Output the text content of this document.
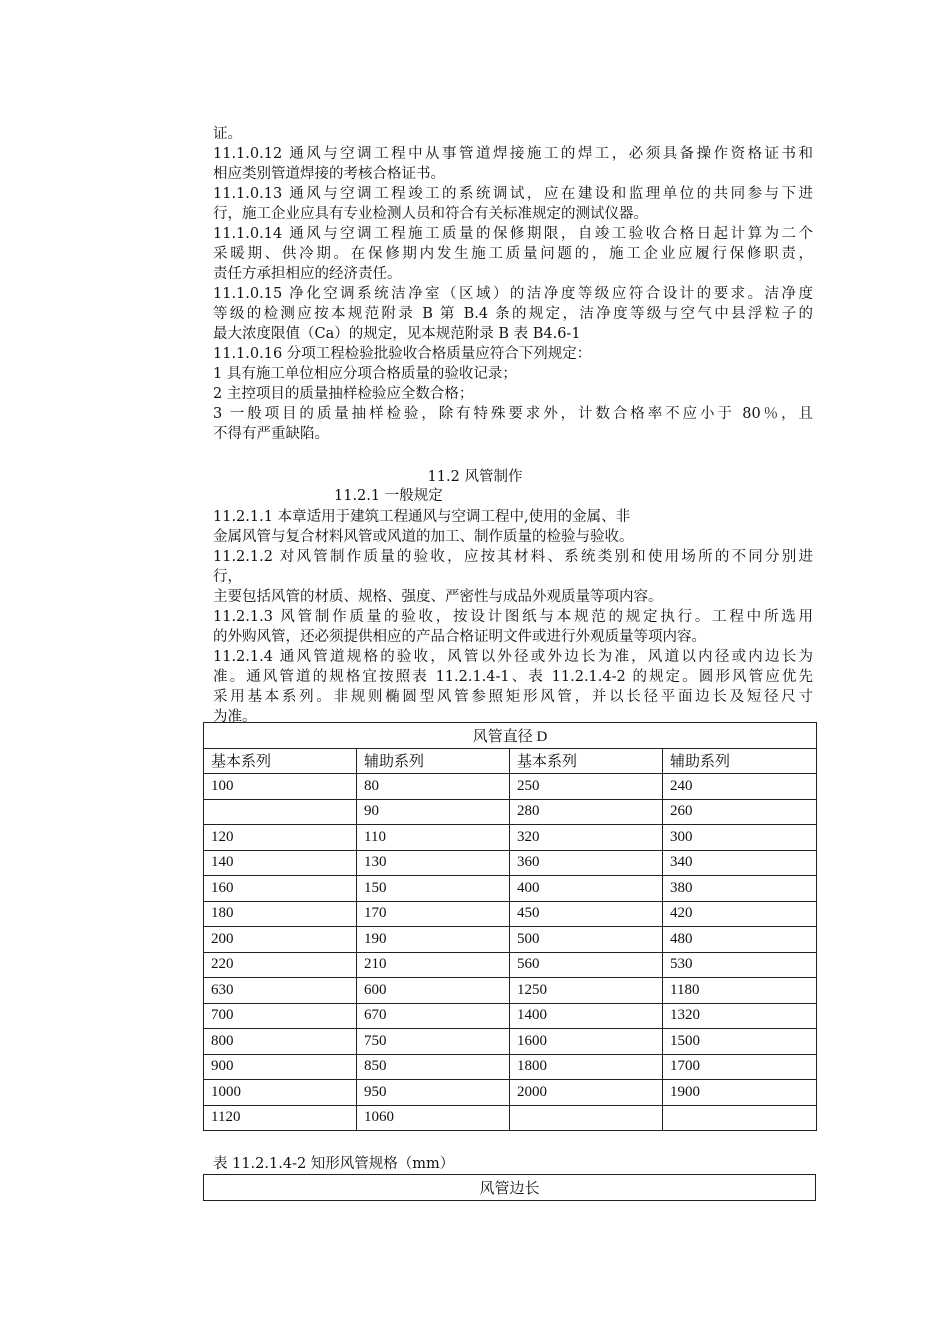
证。
11.1.0.12 通风与空调工程中从事管道焊接施工的焊工，必须具备操作资格证书和
相应类别管道焊接的考核合格证书。
11.1.0.13 通风与空调工程竣工的系统调试，应在建设和监理单位的共同参与下进
行，施工企业应具有专业检测人员和符合有关标准规定的测试仪器。
11.1.0.14 通风与空调工程施工质量的保修期限，自竣工验收合格日起计算为二个
采暖期、供冷期。在保修期内发生施工质量问题的，施工企业应履行保修职责，
责任方承担相应的经济责任。
11.1.0.15 净化空调系统洁净室（区域）的洁净度等级应符合设计的要求。洁净度
等级的检测应按本规范附录 B 第 B.4 条的规定，洁净度等级与空气中县浮粒子的
最大浓度限值（Ca）的规定，见本规范附录 B 表 B4.6-1
11.1.0.16 分项工程检验批验收合格质量应符合下列规定：
1 具有施工单位相应分项合格质量的验收记录；
2 主控项目的质量抽样检验应全数合格；
3 一般项目的质量抽样检验，除有特殊要求外，计数合格率不应小于 80％，且
不得有严重缺陷。
11.2 风管制作
11.2.1 一般规定
11.2.1.1 本章适用于建筑工程通风与空调工程中,使用的金属、非
金属风管与复合材料风管或风道的加工、制作质量的检验与验收。
11.2.1.2 对风管制作质量的验收，应按其材料、系统类别和使用场所的不同分别进
行，
主要包括风管的材质、规格、强度、严密性与成品外观质量等项内容。
11.2.1.3 风管制作质量的验收，按设计图纸与本规范的规定执行。工程中所选用
的外购风管，还必须提供相应的产品合格证明文件或进行外观质量等项内容。
11.2.1.4 通风管道规格的验收，风管以外径或外边长为准，风道以内径或内边长为
准。通风管道的规格宜按照表 11.2.1.4-1、表 11.2.1.4-2 的规定。圆形风管应优先
采用基本系列。非规则椭圆型风管参照矩形风管，并以长径平面边长及短径尺寸
为准。
风管直径 D			
基本系列	辅助系列	基本系列	辅助系列
100	80	250	240
	90	280	260
120	110	320	300
140	130	360	340
160	150	400	380
180	170	450	420
200	190	500	480
220	210	560	530
630	600	1250	1180
700	670	1400	1320
800	750	1600	1500
900	850	1800	1700
1000	950	2000	1900
1120	1060		
表 11.2.1.4-2 知形风管规格（mm）
风管边长
